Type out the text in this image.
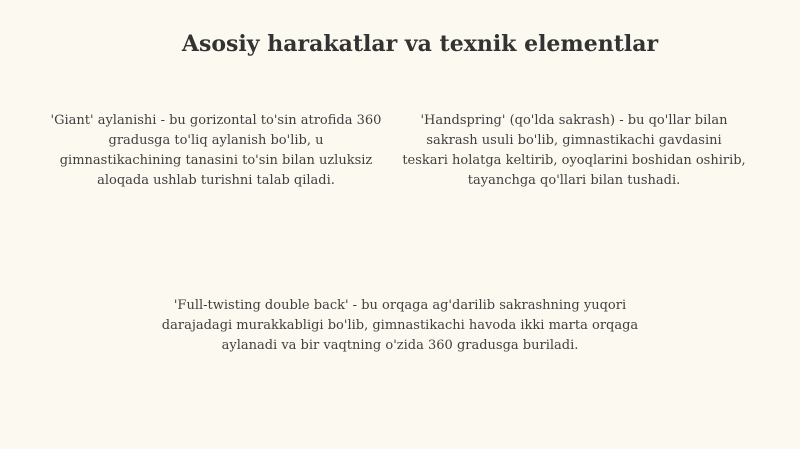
Asosiy harakatlar va texnik elementlar
'Giant' aylanishi - bu gorizontal to'sin atrofida 360 gradusga to'liq aylanish bo'lib, u gimnastikachining tanasini to'sin bilan uzluksiz aloqada ushlab turishni talab qiladi.
'Handspring' (qo'lda sakrash) - bu qo'llar bilan sakrash usuli bo'lib, gimnastikachi gavdasini teskari holatga keltirib, oyoqlarini boshidan oshirib, tayanchga qo'llari bilan tushadi.
'Full-twisting double back' - bu orqaga ag'darilib sakrashning yuqori darajadagi murakkabligi bo'lib, gimnastikachi havoda ikki marta orqaga aylanadi va bir vaqtning o'zida 360 gradusga buriladi.
